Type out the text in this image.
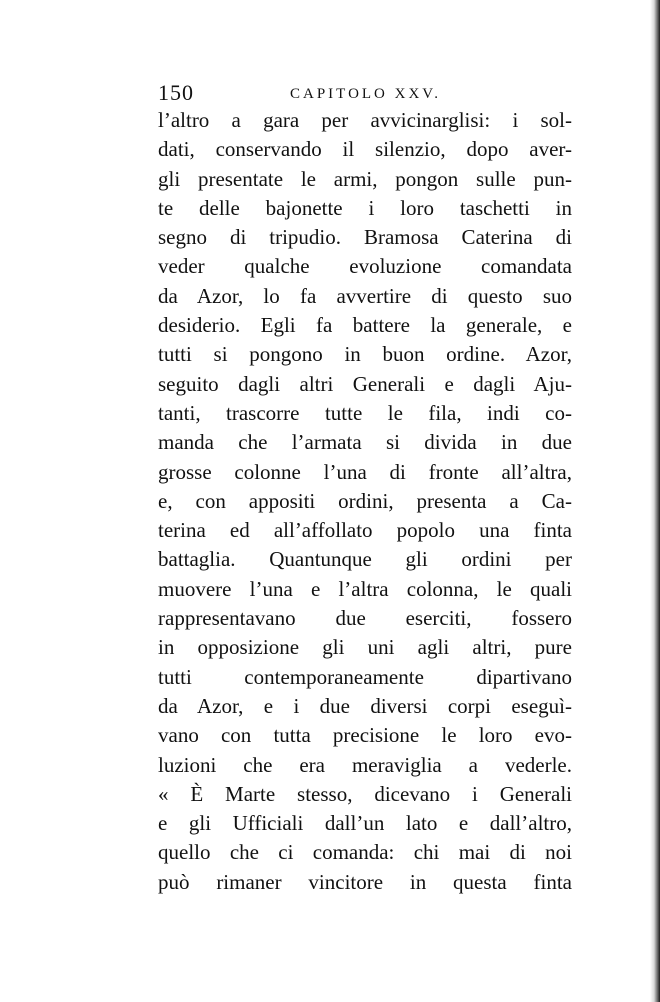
150	CAPITOLO XXV.
l’altro a gara per avvicinarglisi: i sol-
dati, conservando il silenzio, dopo aver-
gli presentate le armi, pongon sulle pun-
te delle bajonette i loro taschetti in
segno di tripudio. Bramosa Caterina di
veder qualche evoluzione comandata
da Azor, lo fa avvertire di questo suo
desiderio. Egli fa battere la generale, e
tutti si pongono in buon ordine. Azor,
seguito dagli altri Generali e dagli Aju-
tanti, trascorre tutte le fila, indi co-
manda che l’armata si divida in due
grosse colonne l’una di fronte all’altra,
e, con appositi ordini, presenta a Ca-
terina ed all’affollato popolo una finta
battaglia. Quantunque gli ordini per
muovere l’una e l’altra colonna, le quali
rappresentavano due eserciti, fossero
in opposizione gli uni agli altri, pure
tutti contemporaneamente dipartivano
da Azor, e i due diversi corpi eseguì-
vano con tutta precisione le loro evo-
luzioni che era meraviglia a vederle.
« È Marte stesso, dicevano i Generali
e gli Ufficiali dall’un lato e dall’altro,
quello che ci comanda: chi mai di noi
può rimaner vincitore in questa finta
